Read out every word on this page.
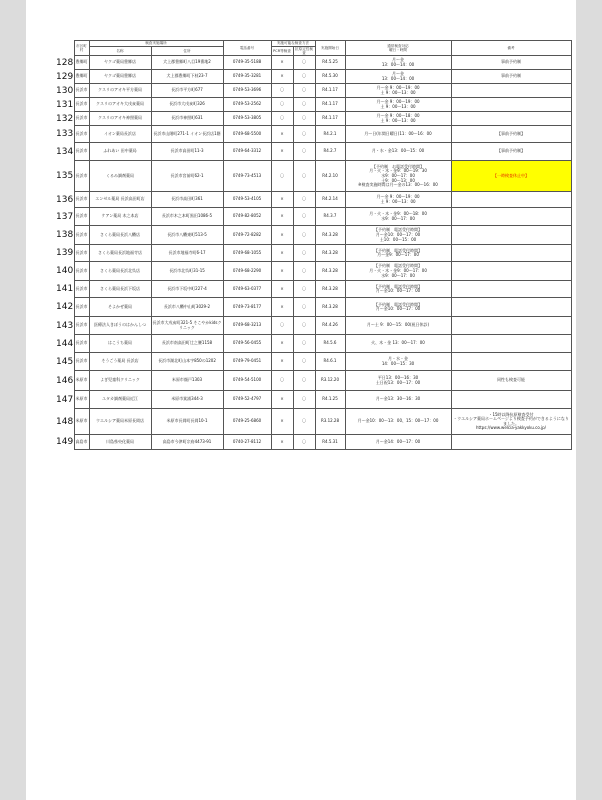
	市区町村	検査実施場所		電話番号	実施可能な検査方法		実施開始日	通常検査対応
曜日・時間	備考
		名称	住所		PCR等検査	抗原定性検査			
128	豊郷町	ヤクゴ薬局豊郷店	犬上郡豊郷町八目19番地2	0749-35-5188	×	〇	R4.5.25	月～金
13：00～14：00	事前予約制
129	豊郷町	ヤクゴ薬局豊郷店	犬上郡豊郷町下枝23-7	0749-35-3281	×	〇	R4.5.30	月～金
13：00～14：00	事前予約制
130	長浜市	クスリのアオキ平方薬局	長浜市平方町677	0749-53-3696	〇	〇	R4.1.17	月～金 9：00～19：00
土 9：00～13：00	
131	長浜市	クスリのアオキ大戌亥薬局	長浜市大戌亥町326	0749-53-2562	〇	〇	R4.1.17	月～金 9：00～19：00
土 9：00～13：00	
132	長浜市	クスリのアオキ神照薬局	長浜市神照町631	0749-53-3805	〇	〇	R4.1.17	月～金 9：00～18：00
土 9：00～13：00	
133	長浜市	イオン薬局長浜店	長浜市山階町271-1 イオン長浜店1階	0749-68-5500	×	〇	R4.2.1	月～日(年間日曜日)11：00～16：00	【事前予約制】
134	長浜市	ふれあい 田中薬局	長浜市高田町11-3	0749-64-3312	×	〇	R4.2.7	月・水・金13：00～15：00	【事前予約制】
135	長浜市	くるみ調剤薬局	長浜市宮前町62-1	0749-73-4513	〇	〇	R4.2.10	【予約制　お電話受付時間】
月・火・木・金9：00～19：30
水9：00～17：00
土9：00～13：00
※検査実施時間は月～金の13：00～16：00	【一時検査休止中】
136	長浜市	エンゼル薬局 長浜高田町店	長浜市高田町361	0749-53-4105	×	〇	R4.2.14	月～金 9：00～19：00
土 9：00～13：00	
137	長浜市	ケアン薬局 木之本店	長浜市木之本町黒田1086-5	0749-82-8052	×	〇	R4.3.7	月・火・木・金9：00～18：00
水9：00～17：00	
138	長浜市	さくら薬局長浜八幡店	長浜市八幡東町513-5	0749-72-8282	×	〇	R4.3.28	【予約制　電話受付時間】
月～金10：00～17：00
土10：00～15：00	
139	長浜市	さくら薬局長浜地福寺店	長浜市地福寺町6-17	0749-68-1055	×	〇	R4.3.28	【予約制　電話受付時間】
月～金9：00～17：00	
140	長浜市	さくら薬局長浜北呉店	長浜市北呉町31-15	0749-68-2290	×	〇	R4.3.28	【予約制　電話受付時間】
月・火・木・金9：00～17：00
水9：00～17：00	
141	長浜市	さくら薬局長浜下坂店	長浜市下坂中町227-4	0749-63-0377	×	〇	R4.3.28	【予約制　電話受付時間】
月～金10：00～17：00	
142	長浜市	そよかぜ薬局	長浜市八幡中山町3029-2	0749-73-8177	×	〇	R4.3.28	【予約制　電話受付時間】
月～金10：00～17：00	
143	長浜市	医療法人きぼうのはかんしつ	長浜市大戌亥町321-5 そこやかkidsクリニック	0749-68-3213	〇	〇	R4.4.26	月～土 9：00～15：00(祝日休診)	
144	長浜市	はこうち薬局	長浜市南高田町辻之腰1158	0749-56-0455	×	〇	R4.5.6	火、木・金 13：00～17：00	
145	長浜市	そうごう薬局 長浜店	長浜市湖北町山本字850の1202	0749-79-0451	×	〇	R4.6.1	月・水・金
14：00～15：30	
146	米原市	よぎ児童科クリニック	米原市顔戸1303	0749-54-5100	〇	〇	R3.12.20	平日13：00～16：30
土日祝13：00～17：00	同性も検査可能
147	米原市	ユタカ調剤薬局近江	米原市箕浦344-3	0749-52-4797	×	〇	R4.1.25	月～金13：30～16：30	
148	米原市	ウエルシア薬局米原長岡店	米原市長岡町長岡10-1	0749-25-6860	×	〇	R3.12.28	月～金10：00～13：00、15：00～17：00	・15時以降抗原検査受付
・ウエルシア薬局ホームページより検査予約ができるようになりました。
https://www.welcia-yakkyoku.co.jp/
149	高島市	川島県央化薬局	高島市今津町宗府4473-91	0740-27-8112	×	〇	R4.5.31	月～金14：00～17：00	
